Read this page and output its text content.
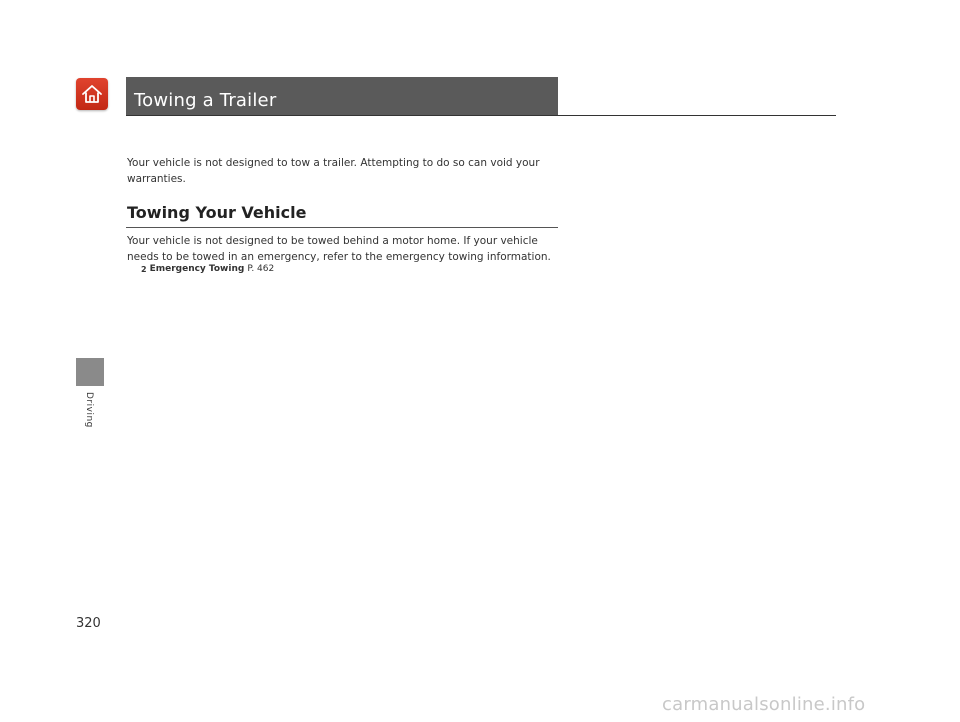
Towing a Trailer

Your vehicle is not designed to tow a trailer. Attempting to do so can void your warranties.

Towing Your Vehicle

Your vehicle is not designed to be towed behind a motor home. If your vehicle needs to be towed in an emergency, refer to the emergency towing information.

2 Emergency Towing P. 462
Driving
320
carmanualsonline.info
